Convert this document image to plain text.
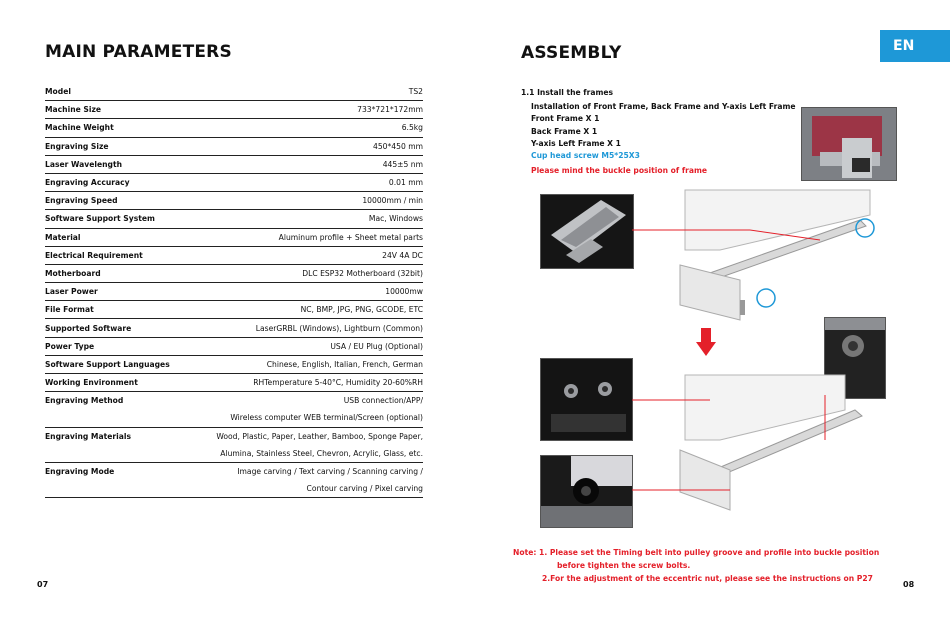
MAIN PARAMETERS
Model	TS2
Machine Size	733*721*172mm
Machine Weight	6.5kg
Engraving Size	450*450 mm
Laser Wavelength	445±5 nm
Engraving Accuracy	0.01 mm
Engraving Speed	10000mm / min
Software Support System	Mac, Windows
Material	Aluminum profile + Sheet metal parts
Electrical Requirement	24V 4A DC
Motherboard	DLC ESP32 Motherboard (32bit)
Laser Power	10000mw
File Format	NC, BMP, JPG, PNG, GCODE, ETC
Supported Software	LaserGRBL (Windows), Lightburn (Common)
Power Type	USA / EU Plug (Optional)
Software Support Languages	Chinese, English, Italian, French, German
Working Environment	RHTemperature 5-40°C, Humidity 20-60%RH
Engraving Method	USB connection/APP/
Wireless computer WEB terminal/Screen (optional)
Engraving Materials	Wood, Plastic, Paper, Leather, Bamboo, Sponge Paper,
Alumina, Stainless Steel, Chevron, Acrylic, Glass, etc.
Engraving Mode	Image carving / Text carving / Scanning carving /
Contour carving / Pixel carving
07
ASSEMBLY	EN
1.1 Install the frames
Installation of Front Frame, Back Frame and Y-axis Left Frame
Front Frame X 1
Back Frame X 1
Y-axis Left Frame X 1
Cup head screw M5*25X3
Please mind the buckle position of frame
Note: 1. Please set the Timing belt into pulley groove and profile into buckle position
before tighten the screw bolts.
2.For the adjustment of the eccentric nut, please see the instructions on P27
08
